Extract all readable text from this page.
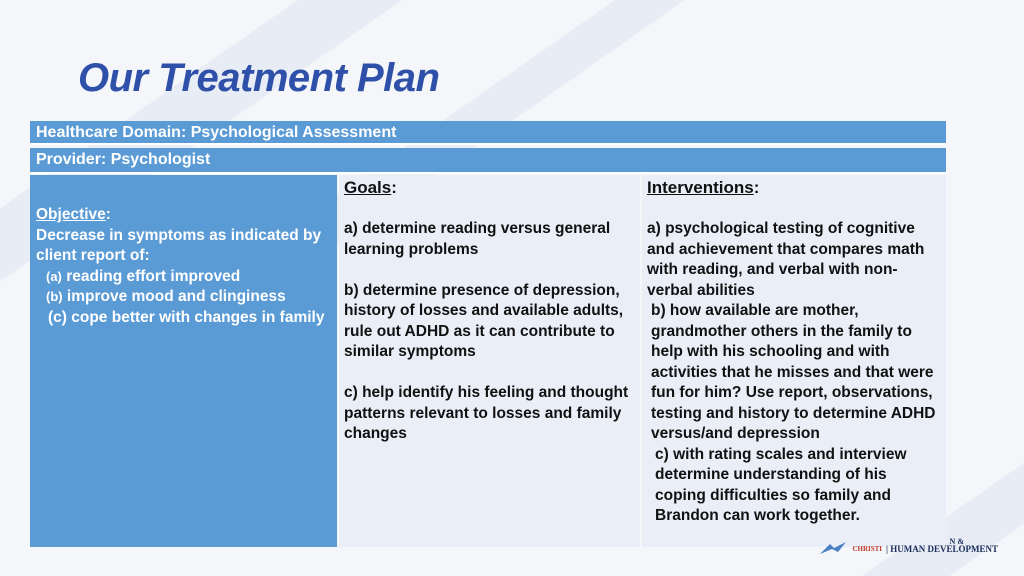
Our Treatment Plan
Healthcare Domain: Psychological Assessment
Provider: Psychologist
Objective:
Decrease in symptoms as indicated by client report of:
(a) reading effort improved
(b) improve mood and clinginess
(c) cope better with changes in family
Goals:

a) determine reading versus general learning problems

b) determine presence of depression, history of losses and available adults, rule out ADHD as it can contribute to similar symptoms

c) help identify his feeling and thought patterns relevant to losses and family changes

Interventions:
a) psychological testing of cognitive and achievement that compares math with reading, and verbal with non-verbal abilities
b) how available are mother, grandmother others in the family to help with his schooling and with activities that he misses and that were fun for him? Use report, observations, testing and history to determine ADHD versus/and depression
c) with rating scales and interview determine understanding of his coping difficulties so family and Brandon can work together.
N &
CHRISTI | HUMAN DEVELOPMENT
